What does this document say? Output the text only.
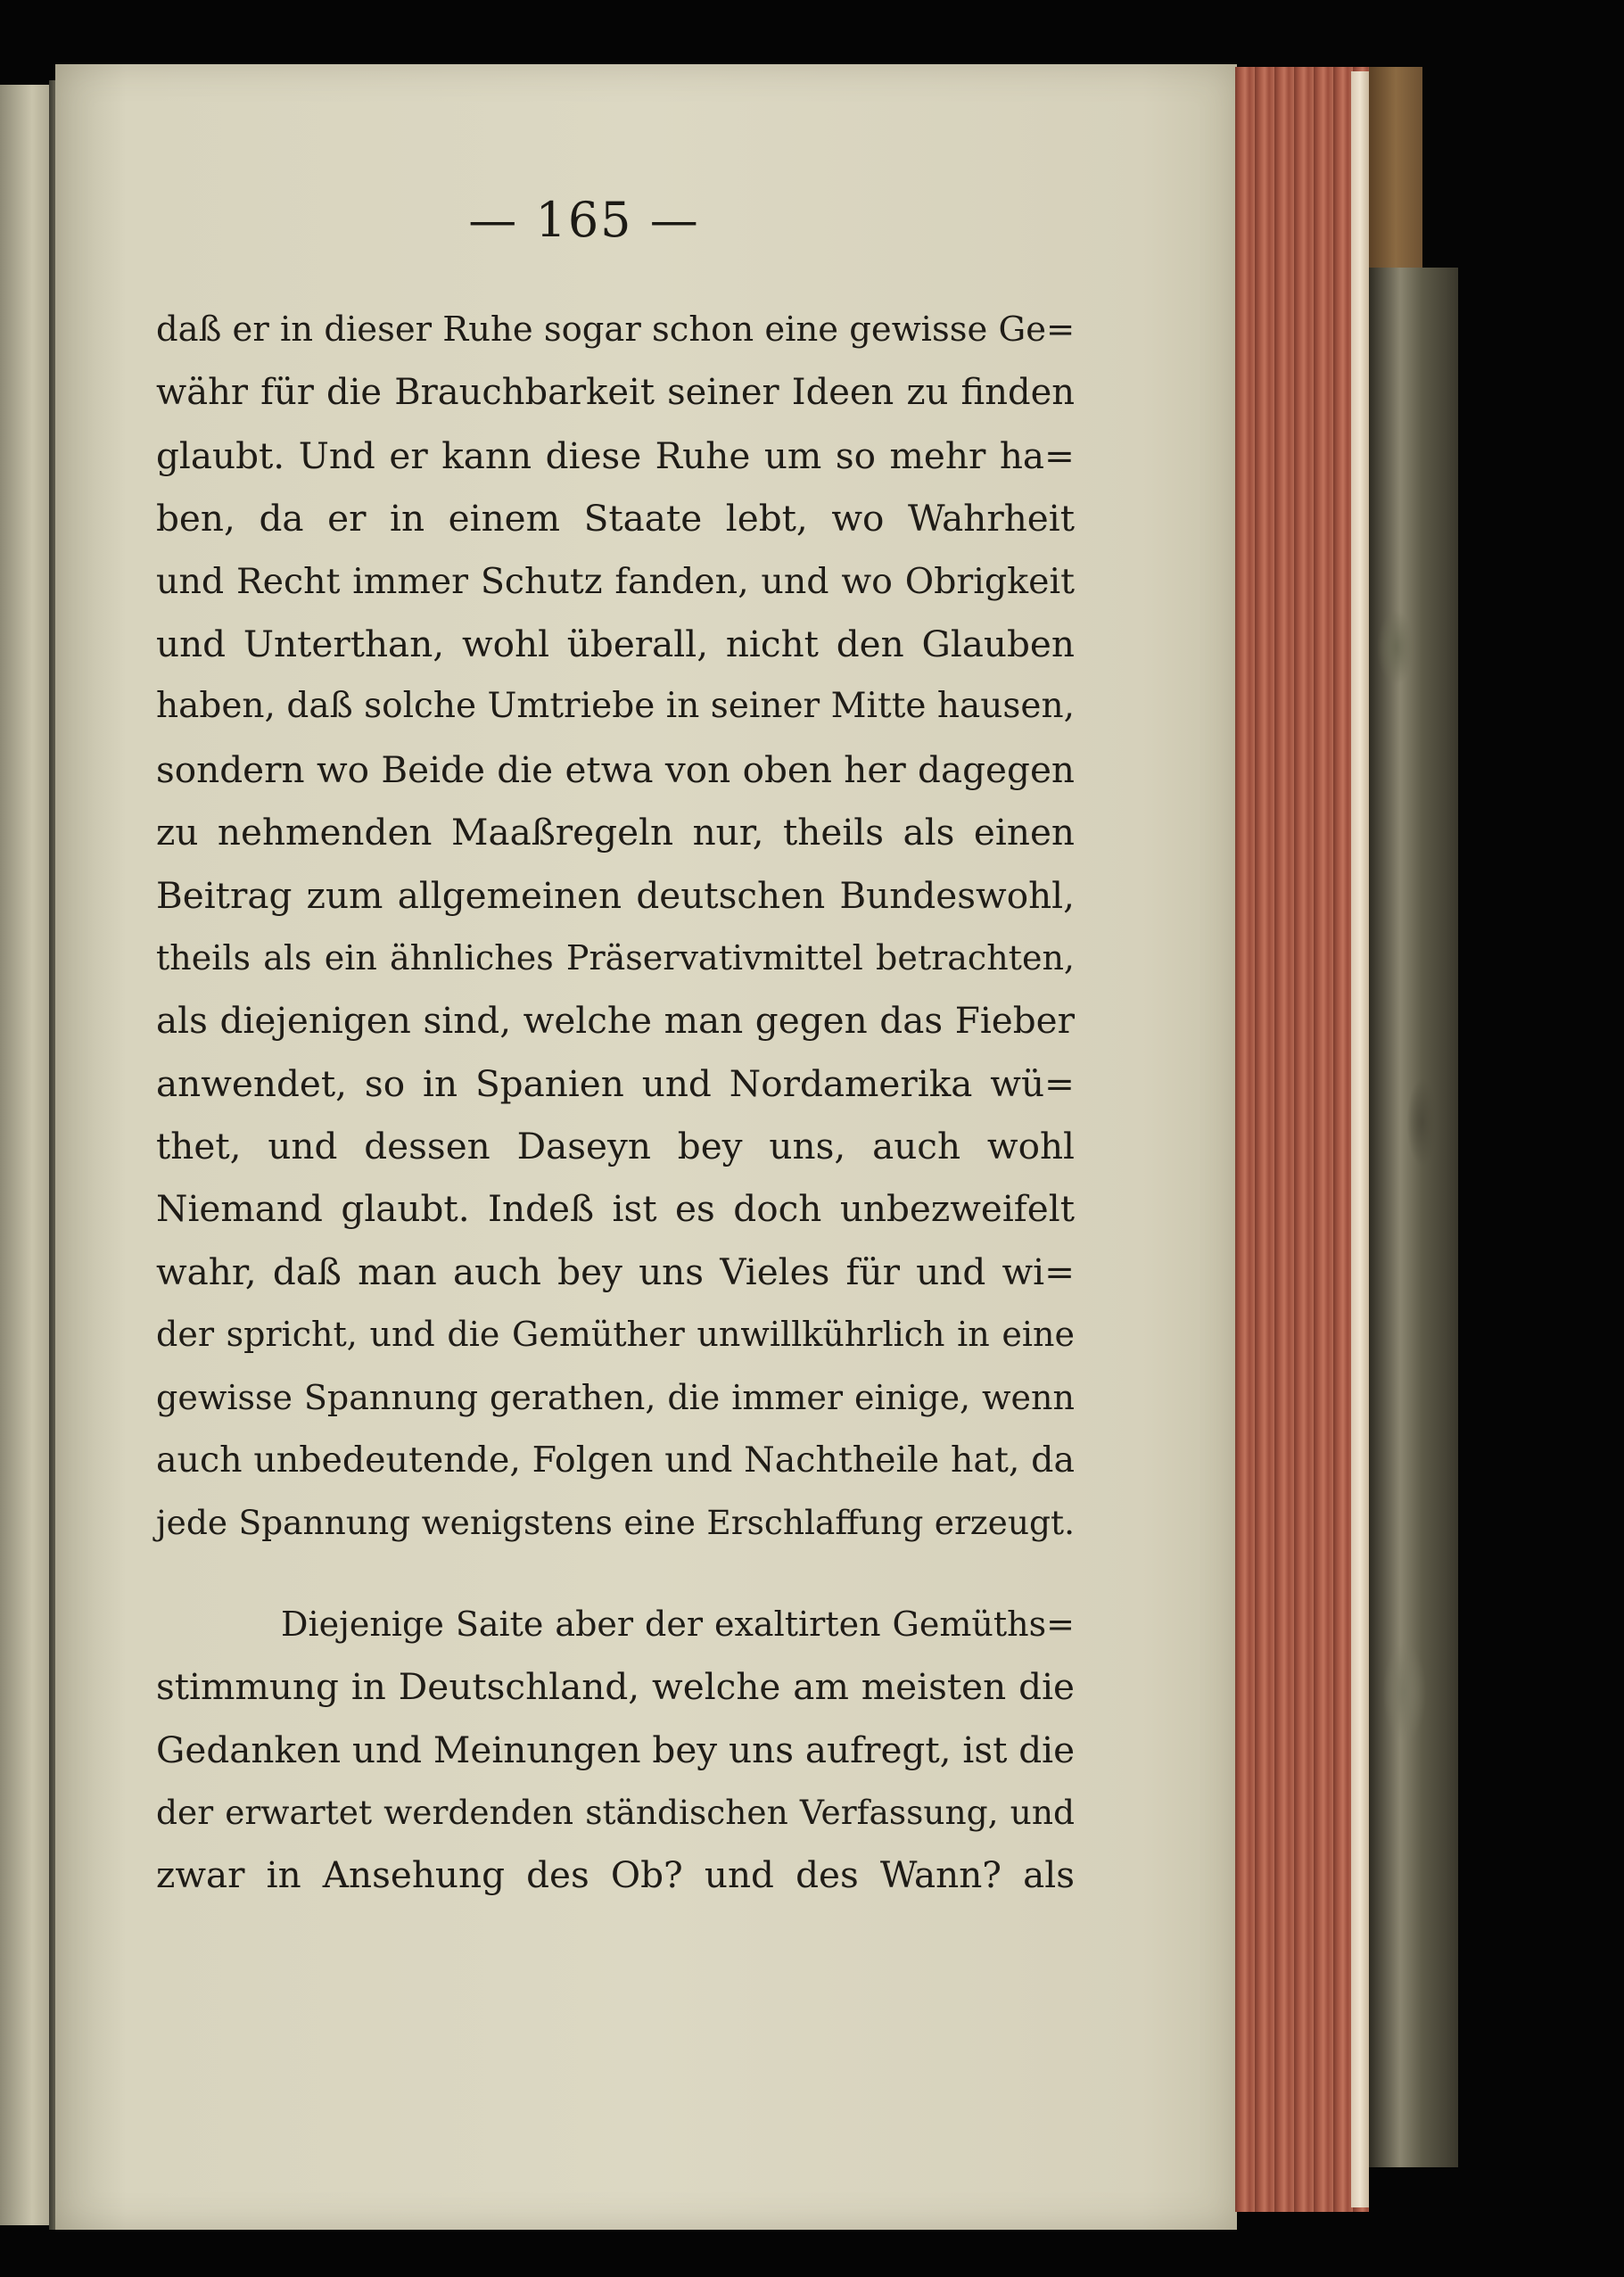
— 165 —
daß er in dieser Ruhe sogar schon eine gewisse Ge=
währ für die Brauchbarkeit seiner Ideen zu finden
glaubt. Und er kann diese Ruhe um so mehr ha=
ben, da er in einem Staate lebt, wo Wahrheit
und Recht immer Schutz fanden, und wo Obrigkeit
und Unterthan, wohl überall, nicht den Glauben
haben, daß solche Umtriebe in seiner Mitte hausen,
sondern wo Beide die etwa von oben her dagegen
zu nehmenden Maaßregeln nur, theils als einen
Beitrag zum allgemeinen deutschen Bundeswohl,
theils als ein ähnliches Präservativmittel betrachten,
als diejenigen sind, welche man gegen das Fieber
anwendet, so in Spanien und Nordamerika wü=
thet, und dessen Daseyn bey uns, auch wohl
Niemand glaubt. Indeß ist es doch unbezweifelt
wahr, daß man auch bey uns Vieles für und wi=
der spricht, und die Gemüther unwillkührlich in eine
gewisse Spannung gerathen, die immer einige, wenn
auch unbedeutende, Folgen und Nachtheile hat, da
jede Spannung wenigstens eine Erschlaffung erzeugt.
Diejenige Saite aber der exaltirten Gemüths=
stimmung in Deutschland, welche am meisten die
Gedanken und Meinungen bey uns aufregt, ist die
der erwartet werdenden ständischen Verfassung, und
zwar in Ansehung des Ob? und des Wann? als
